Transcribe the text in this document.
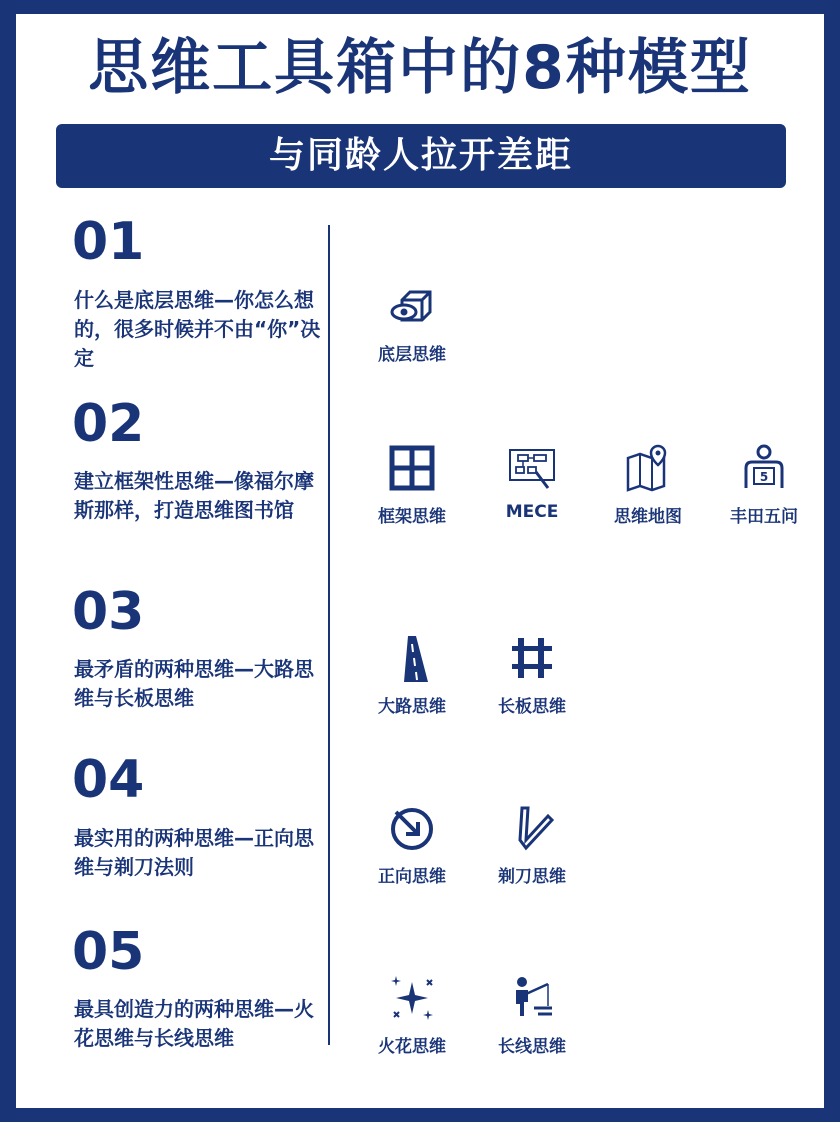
思维工具箱中的8种模型
与同龄人拉开差距
01
什么是底层思维—你怎么想的，很多时候并不由“你”决定	底层思维
02
建立框架性思维—像福尔摩斯那样，打造思维图书馆	框架思维	MECE	思维地图
5
丰田五问
03
最矛盾的两种思维—大路思维与长板思维	大路思维	长板思维
04
最实用的两种思维—正向思维与剃刀法则	正向思维	剃刀思维
05
最具创造力的两种思维—火花思维与长线思维	火花思维	长线思维
